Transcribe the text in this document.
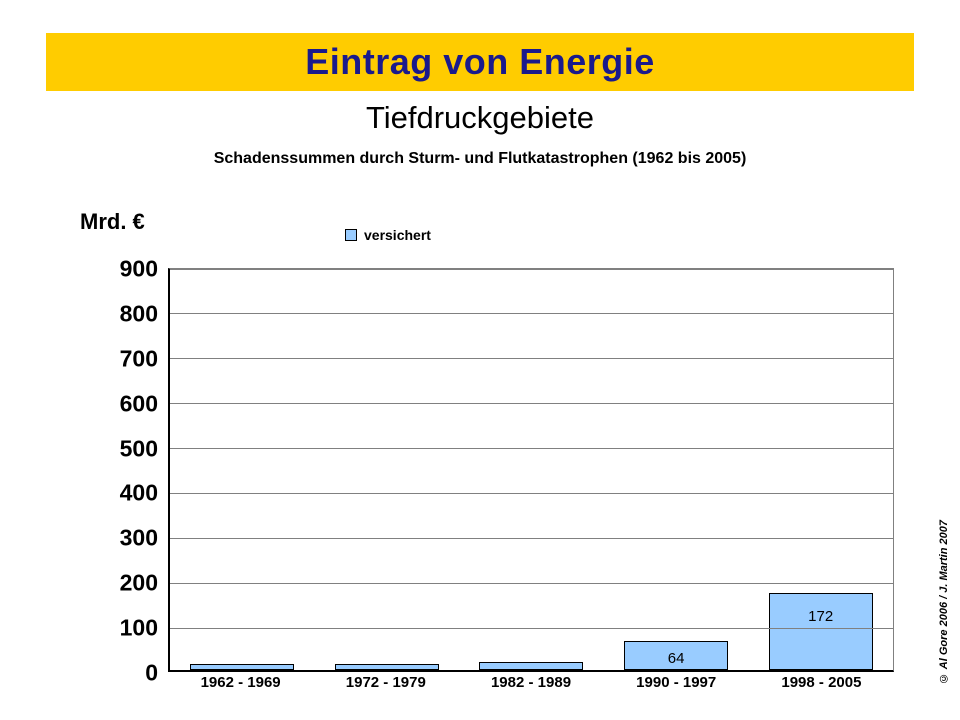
Eintrag von Energie
Tiefdruckgebiete
Schadenssummen durch Sturm- und Flutkatastrophen (1962 bis 2005)
Mrd. €
versichert
64
172
0
100
200
300
400
500
600
700
800
900
1962 - 1969	1972 - 1979	1982 - 1989	1990 - 1997	1998 - 2005	© Al Gore 2006 / J. Martin 2007
